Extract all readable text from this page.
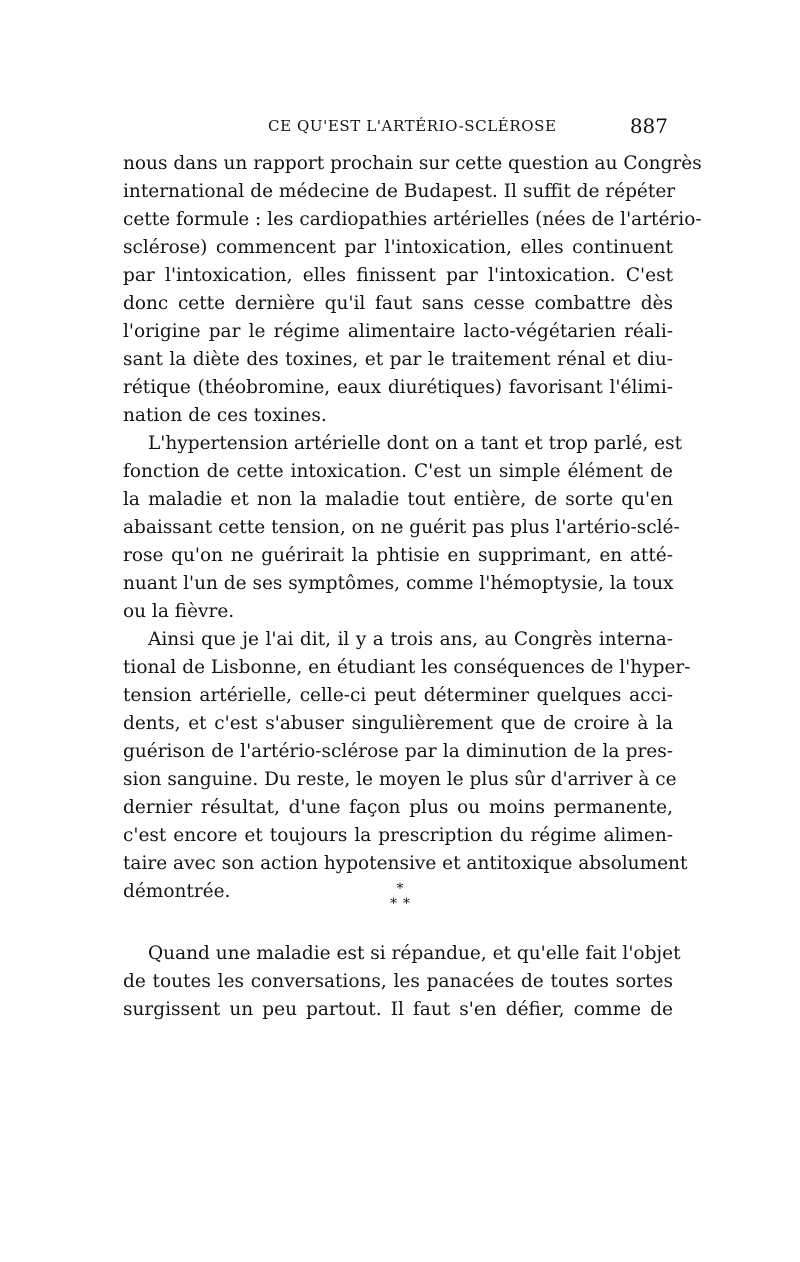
CE QU'EST L'ARTÉRIO-SCLÉROSE	887
nous dans un rapport prochain sur cette question au Congrès
international de médecine de Budapest. Il suffit de répéter
cette formule : les cardiopathies artérielles (nées de l'artério-
sclérose) commencent par l'intoxication, elles continuent
par l'intoxication, elles finissent par l'intoxication. C'est
donc cette dernière qu'il faut sans cesse combattre dès
l'origine par le régime alimentaire lacto-végétarien réali-
sant la diète des toxines, et par le traitement rénal et diu-
rétique (théobromine, eaux diurétiques) favorisant l'élimi-
nation de ces toxines.
L'hypertension artérielle dont on a tant et trop parlé, est
fonction de cette intoxication. C'est un simple élément de
la maladie et non la maladie tout entière, de sorte qu'en
abaissant cette tension, on ne guérit pas plus l'artério-sclé-
rose qu'on ne guérirait la phtisie en supprimant, en atté-
nuant l'un de ses symptômes, comme l'hémoptysie, la toux
ou la fièvre.
Ainsi que je l'ai dit, il y a trois ans, au Congrès interna-
tional de Lisbonne, en étudiant les conséquences de l'hyper-
tension artérielle, celle-ci peut déterminer quelques acci-
dents, et c'est s'abuser singulièrement que de croire à la
guérison de l'artério-sclérose par la diminution de la pres-
sion sanguine. Du reste, le moyen le plus sûr d'arriver à ce
dernier résultat, d'une façon plus ou moins permanente,
c'est encore et toujours la prescription du régime alimen-
taire avec son action hypotensive et antitoxique absolument
démontrée.	*
**
Quand une maladie est si répandue, et qu'elle fait l'objet
de toutes les conversations, les panacées de toutes sortes
surgissent un peu partout. Il faut s'en défier, comme de
